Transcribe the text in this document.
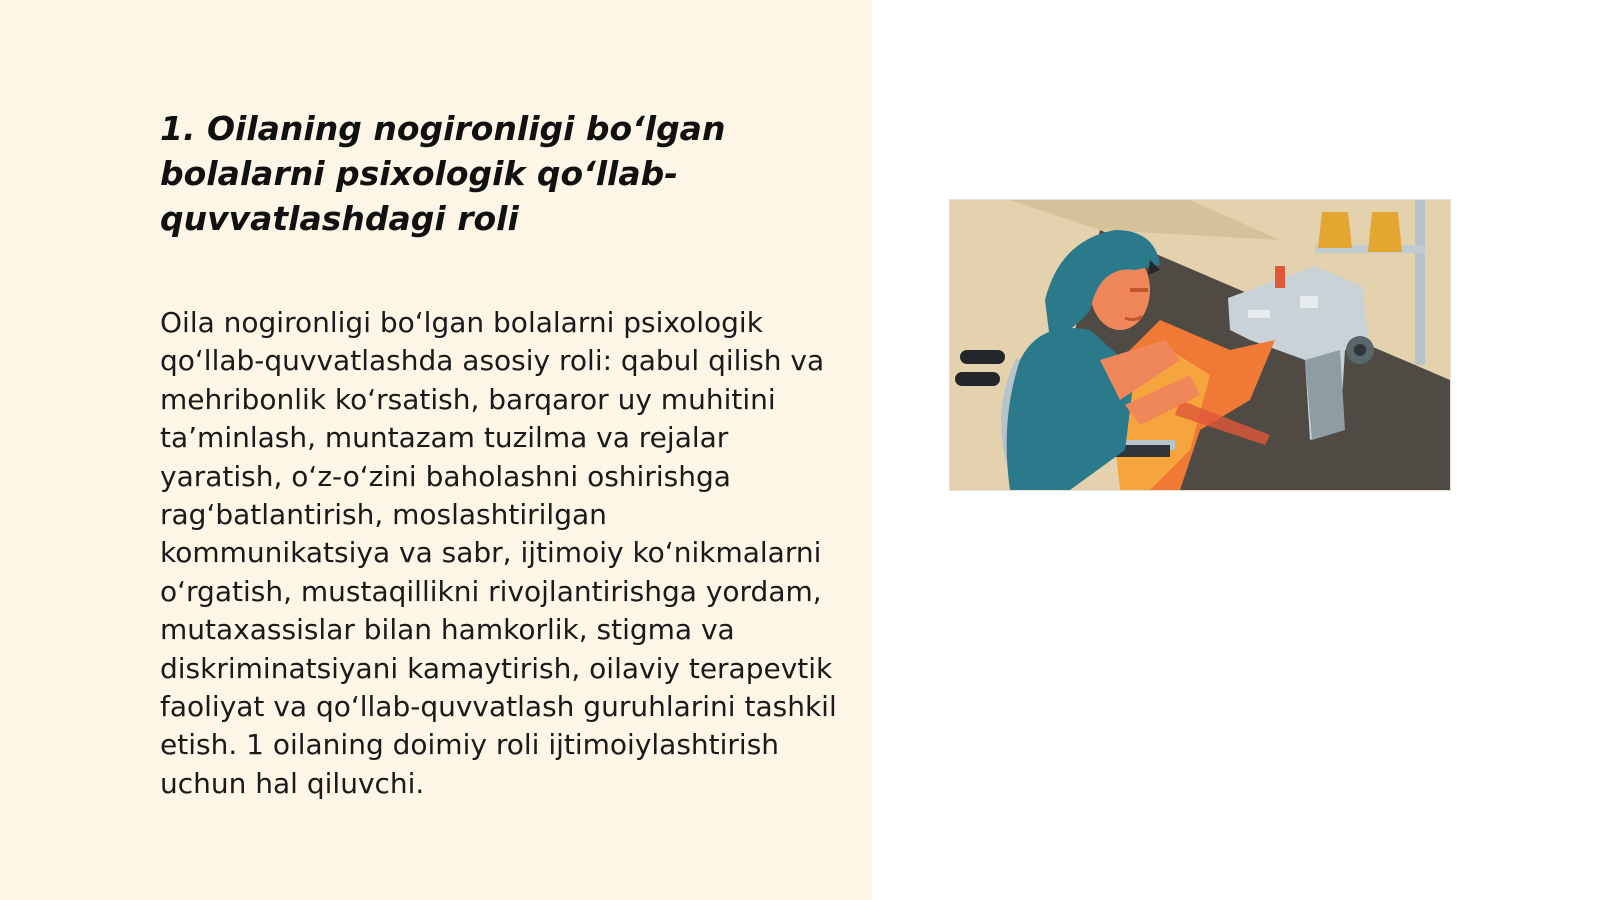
1. Oilaning nogironligi bo‘lgan bolalarni psixologik qo‘llab-quvvatlashdagi roli

Oila nogironligi bo‘lgan bolalarni psixologik qo‘llab-quvvatlashda asosiy roli: qabul qilish va mehribonlik ko‘rsatish, barqaror uy muhitini ta’minlash, muntazam tuzilma va rejalar yaratish, o‘z-o‘zini baholashni oshirishga rag‘batlantirish, moslashtirilgan kommunikatsiya va sabr, ijtimoiy ko‘nikmalarni o‘rgatish, mustaqillikni rivojlantirishga yordam, mutaxassislar bilan hamkorlik, stigma va diskriminatsiyani kamaytirish, oilaviy terapevtik faoliyat va qo‘llab-quvvatlash guruhlarini tashkil etish. 1 oilaning doimiy roli ijtimoiylashtirish uchun hal qiluvchi.
